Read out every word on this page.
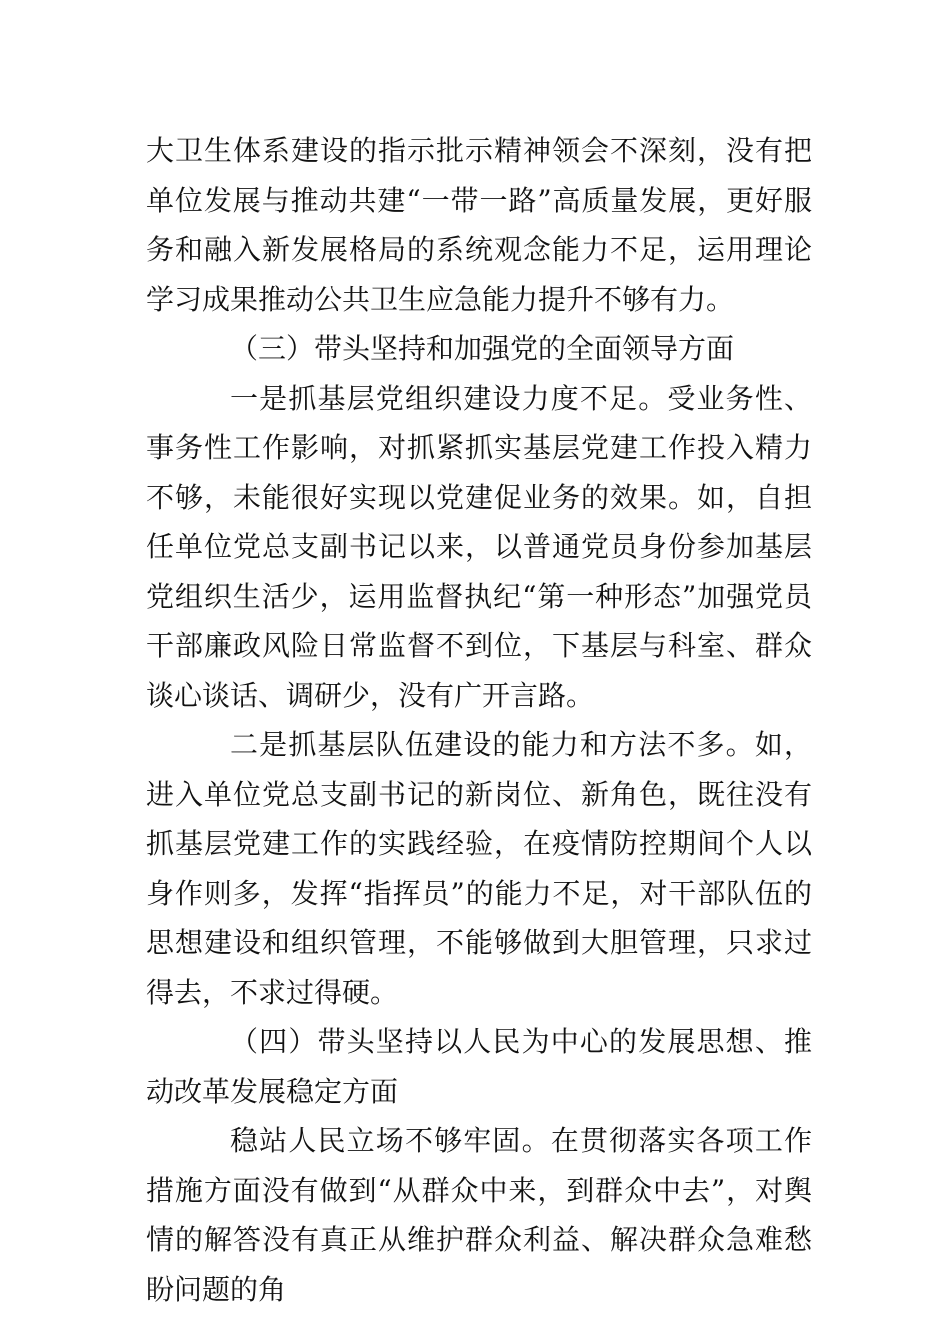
大卫生体系建设的指示批示精神领会不深刻，没有把单位发展与推动共建“一带一路”高质量发展，更好服务和融入新发展格局的系统观念能力不足，运用理论学习成果推动公共卫生应急能力提升不够有力。

（三）带头坚持和加强党的全面领导方面

一是抓基层党组织建设力度不足。受业务性、事务性工作影响，对抓紧抓实基层党建工作投入精力不够，未能很好实现以党建促业务的效果。如，自担任单位党总支副书记以来，以普通党员身份参加基层党组织生活少，运用监督执纪“第一种形态”加强党员干部廉政风险日常监督不到位，下基层与科室、群众谈心谈话、调研少，没有广开言路。

二是抓基层队伍建设的能力和方法不多。如，进入单位党总支副书记的新岗位、新角色，既往没有抓基层党建工作的实践经验，在疫情防控期间个人以身作则多，发挥“指挥员”的能力不足，对干部队伍的思想建设和组织管理，不能够做到大胆管理，只求过得去，不求过得硬。

（四）带头坚持以人民为中心的发展思想、推动改革发展稳定方面

稳站人民立场不够牢固。在贯彻落实各项工作措施方面没有做到“从群众中来，到群众中去”，对舆情的解答没有真正从维护群众利益、解决群众急难愁盼问题的角
